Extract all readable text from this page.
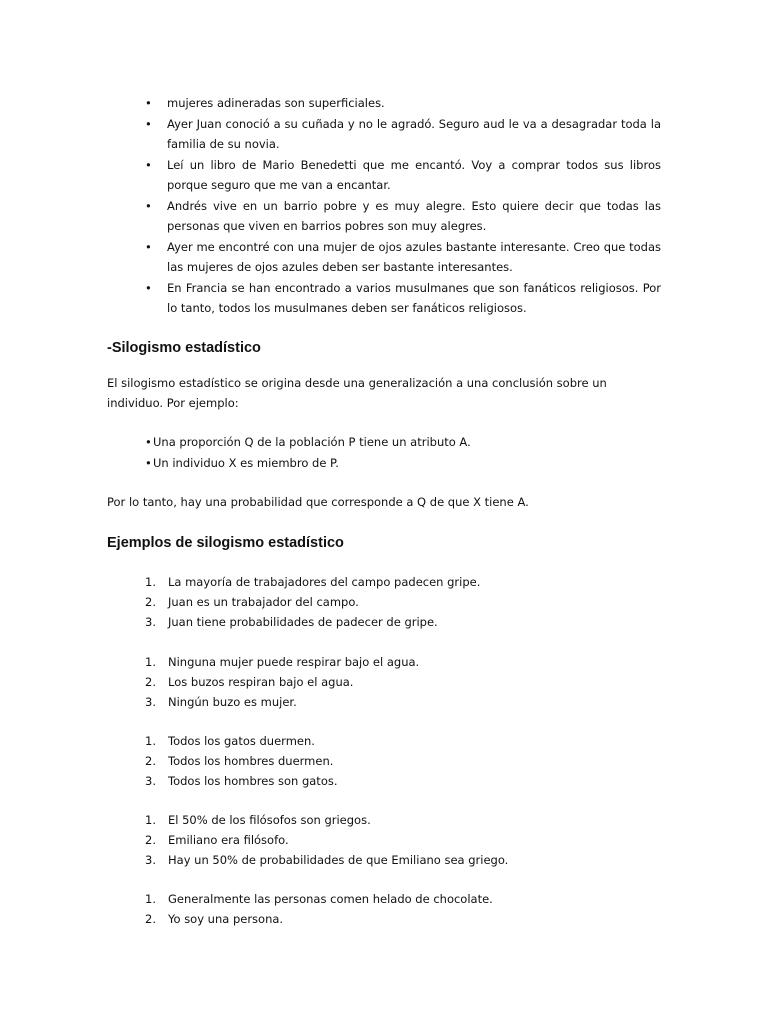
• mujeres adineradas son superficiales.
• Ayer Juan conoció a su cuñada y no le agradó. Seguro aud le va a desagradar toda la familia de su novia.
• Leí un libro de Mario Benedetti que me encantó. Voy a comprar todos sus libros porque seguro que me van a encantar.
• Andrés vive en un barrio pobre y es muy alegre. Esto quiere decir que todas las personas que viven en barrios pobres son muy alegres.
• Ayer me encontré con una mujer de ojos azules bastante interesante. Creo que todas las mujeres de ojos azules deben ser bastante interesantes.
• En Francia se han encontrado a varios musulmanes que son fanáticos religiosos. Por lo tanto, todos los musulmanes deben ser fanáticos religiosos.
-Silogismo estadístico

El silogismo estadístico se origina desde una generalización a una conclusión sobre un individuo. Por ejemplo:

• Una proporción Q de la población P tiene un atributo A.
• Un individuo X es miembro de P.

Por lo tanto, hay una probabilidad que corresponde a Q de que X tiene A.

Ejemplos de silogismo estadístico
1. La mayoría de trabajadores del campo padecen gripe.
2. Juan es un trabajador del campo.
3. Juan tiene probabilidades de padecer de gripe.
1. Ninguna mujer puede respirar bajo el agua.
2. Los buzos respiran bajo el agua.
3. Ningún buzo es mujer.
1. Todos los gatos duermen.
2. Todos los hombres duermen.
3. Todos los hombres son gatos.
1. El 50% de los filósofos son griegos.
2. Emiliano era filósofo.
3. Hay un 50% de probabilidades de que Emiliano sea griego.
1. Generalmente las personas comen helado de chocolate.
2. Yo soy una persona.
